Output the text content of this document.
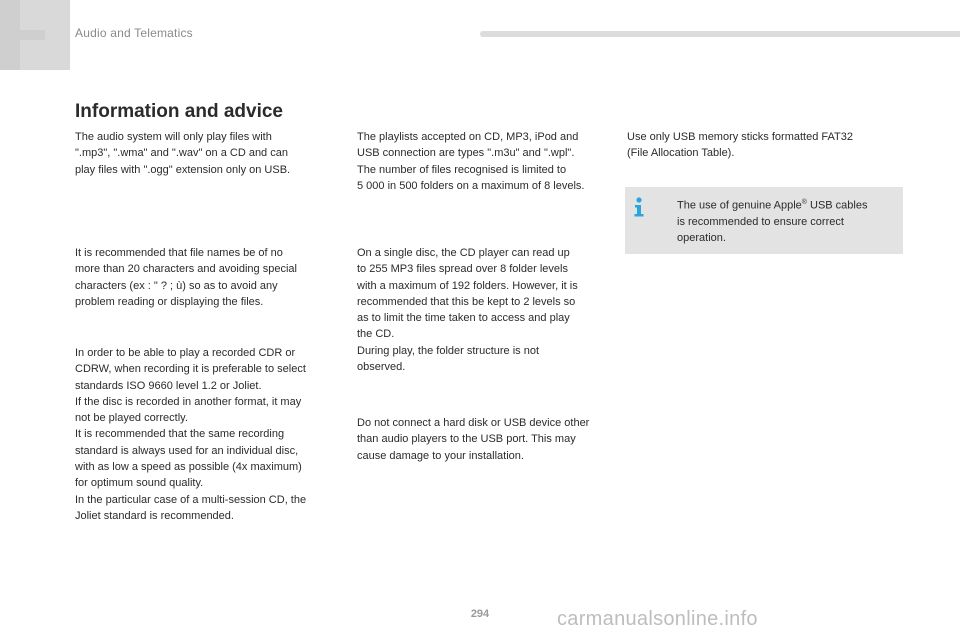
Audio and Telematics
Information and advice

The audio system will only play files with
".mp3", ".wma" and ".wav" on a CD and can
play files with ".ogg" extension only on USB.

It is recommended that file names be of no
more than 20 characters and avoiding special
characters (ex : " ? ; ù) so as to avoid any
problem reading or displaying the files.

In order to be able to play a recorded CDR or
CDRW, when recording it is preferable to select
standards ISO 9660 level 1.2 or Joliet.
If the disc is recorded in another format, it may
not be played correctly.
It is recommended that the same recording
standard is always used for an individual disc,
with as low a speed as possible (4x maximum)
for optimum sound quality.
In the particular case of a multi-session CD, the
Joliet standard is recommended.

The playlists accepted on CD, MP3, iPod and
USB connection are types ".m3u" and ".wpl".
The number of files recognised is limited to
5 000 in 500 folders on a maximum of 8 levels.

On a single disc, the CD player can read up
to 255 MP3 files spread over 8 folder levels
with a maximum of 192 folders. However, it is
recommended that this be kept to 2 levels so
as to limit the time taken to access and play
the CD.
During play, the folder structure is not
observed.

Do not connect a hard disk or USB device other
than audio players to the USB port. This may
cause damage to your installation.

Use only USB memory sticks formatted FAT32
(File Allocation Table).

The use of genuine Apple® USB cables
is recommended to ensure correct
operation.

294	carmanualsonline.info
